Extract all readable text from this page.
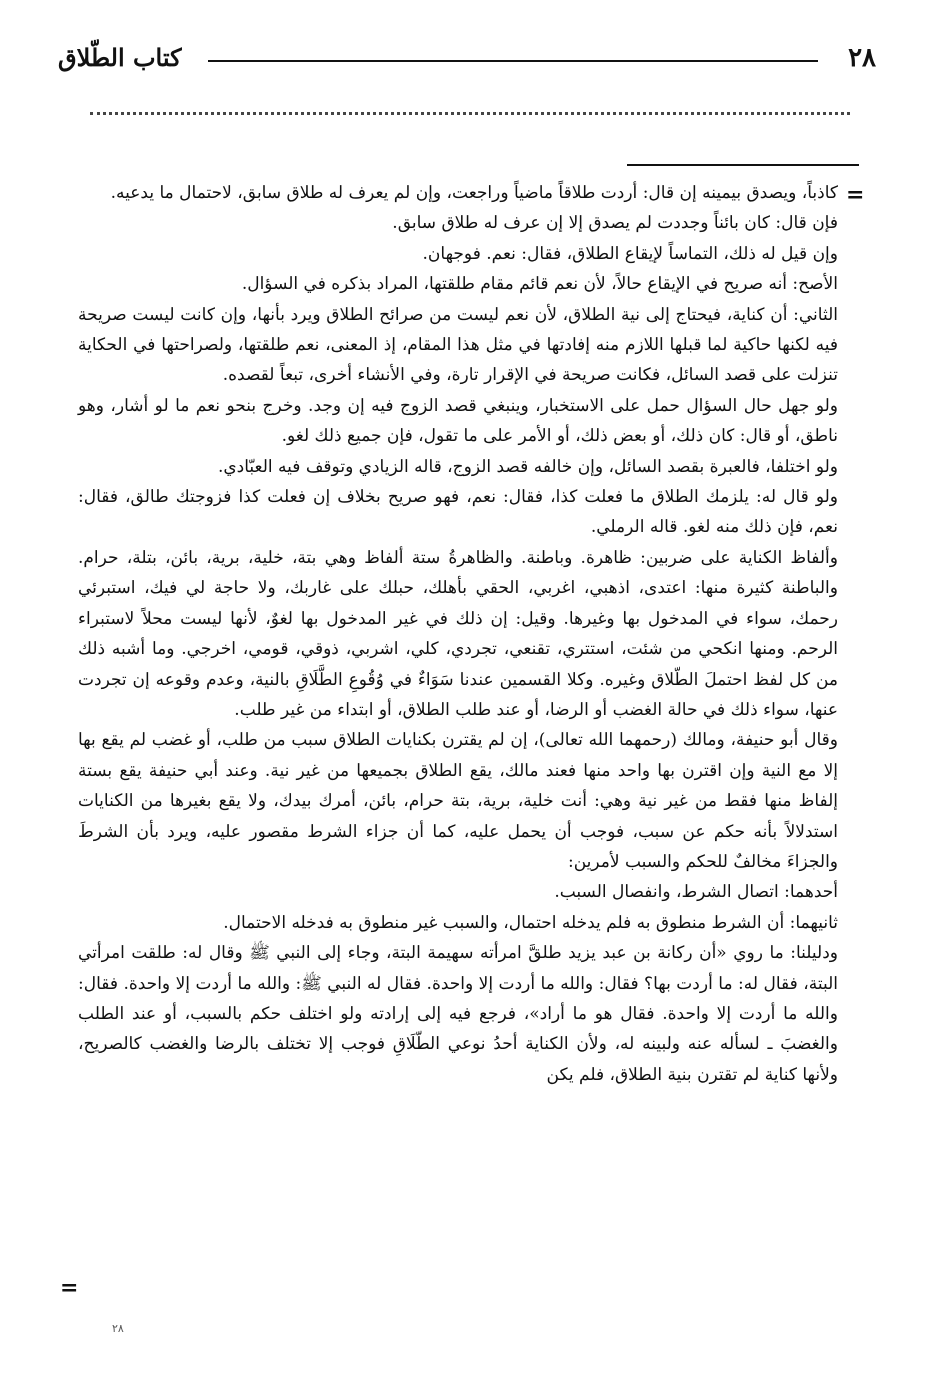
٢٨
كتاب الطّلاق
=
=

كاذباً، ويصدق بيمينه إن قال: أردت طلاقاً ماضياً وراجعت، وإن لم يعرف له طلاق سابق، لاحتمال ما يدعيه.

فإن قال: كان بائناً وجددت لم يصدق إلا إن عرف له طلاق سابق.

وإن قيل له ذلك، التماساً لإيقاع الطلاق، فقال: نعم. فوجهان.

الأصح: أنه صريح في الإيقاع حالاً، لأن نعم قائم مقام طلقتها، المراد بذكره في السؤال.

الثاني: أن كناية، فيحتاج إلى نية الطلاق، لأن نعم ليست من صرائح الطلاق ويرد بأنها، وإن كانت ليست صريحة فيه لكنها حاكية لما قبلها اللازم منه إفادتها في مثل هذا المقام، إذ المعنى، نعم طلقتها، ولصراحتها في الحكاية تنزلت على قصد السائل، فكانت صريحة في الإقرار تارة، وفي الأنشاء أخرى، تبعاً لقصده.

ولو جهل حال السؤال حمل على الاستخبار، وينبغي قصد الزوج فيه إن وجد. وخرج بنحو نعم ما لو أشار، وهو ناطق، أو قال: كان ذلك، أو بعض ذلك، أو الأمر على ما تقول، فإن جميع ذلك لغو.

ولو اختلفا، فالعبرة بقصد السائل، وإن خالفه قصد الزوج، قاله الزيادي وتوقف فيه العبّادي.

ولو قال له: يلزمك الطلاق ما فعلت كذا، فقال: نعم، فهو صريح بخلاف إن فعلت كذا فزوجتك طالق، فقال: نعم، فإن ذلك منه لغو. قاله الرملي.

وألفاظ الكناية على ضربين: ظاهرة. وباطنة. والظاهرةُ ستة ألفاظ وهي بتة، خلية، برية، بائن، بتلة، حرام. والباطنة كثيرة منها: اعتدى، اذهبي، اغربي، الحقي بأهلك، حبلك على غاربك، ولا حاجة لي فيك، استبرئي رحمك، سواء في المدخول بها وغيرها. وقيل: إن ذلك في غير المدخول بها لغوٌ، لأنها ليست محلاً لاستبراء الرحم. ومنها انكحي من شئت، استتري، تقنعي، تجردي، كلي، اشربي، ذوقي، قومي، اخرجي. وما أشبه ذلك من كل لفظ احتملَ الطّلاق وغيره. وكلا القسمين عندنا سَوَاءٌ في وُقُوعِ الطَّلَاقِ بالنية، وعدم وقوعه إن تجردت عنها، سواء ذلك في حالة الغضب أو الرضا، أو عند طلب الطلاق، أو ابتداء من غير طلب.

وقال أبو حنيفة، ومالك (رحمهما الله تعالى)، إن لم يقترن بكنايات الطلاق سبب من طلب، أو غضب لم يقع بها إلا مع النية وإن اقترن بها واحد منها فعند مالك، يقع الطلاق بجميعها من غير نية. وعند أبي حنيفة يقع بستة إلفاظ منها فقط من غير نية وهي: أنت خلية، برية، بتة حرام، بائن، أمرك بيدك، ولا يقع بغيرها من الكنايات استدلالاً بأنه حكم عن سبب، فوجب أن يحمل عليه، كما أن جزاء الشرط مقصور عليه، ويرد بأن الشرطَ والجزاءَ مخالفٌ للحكم والسبب لأمرين:

أحدهما: اتصال الشرط، وانفصال السبب.

ثانيهما: أن الشرط منطوق به فلم يدخله احتمال، والسبب غير منطوق به فدخله الاحتمال.

ودليلنا: ما روي «أن ركانة بن عبد يزيد طلقَّ امرأته سهيمة البتة، وجاء إلى النبي ﷺ وقال له: طلقت امرأتي البتة، فقال له: ما أردت بها؟ فقال: والله ما أردت إلا واحدة. فقال له النبي ﷺ: والله ما أردت إلا واحدة. فقال: والله ما أردت إلا واحدة. فقال هو ما أراد»، فرجع فيه إلى إرادته ولو اختلف حكم بالسبب، أو عند الطلب والغضبَ ـ لسأله عنه ولبينه له، ولأن الكناية أحدُ نوعي الطّلَاقِ فوجب إلا تختلف بالرضا والغضب كالصريح، ولأنها كناية لم تقترن بنية الطلاق، فلم يكن

٢٨
